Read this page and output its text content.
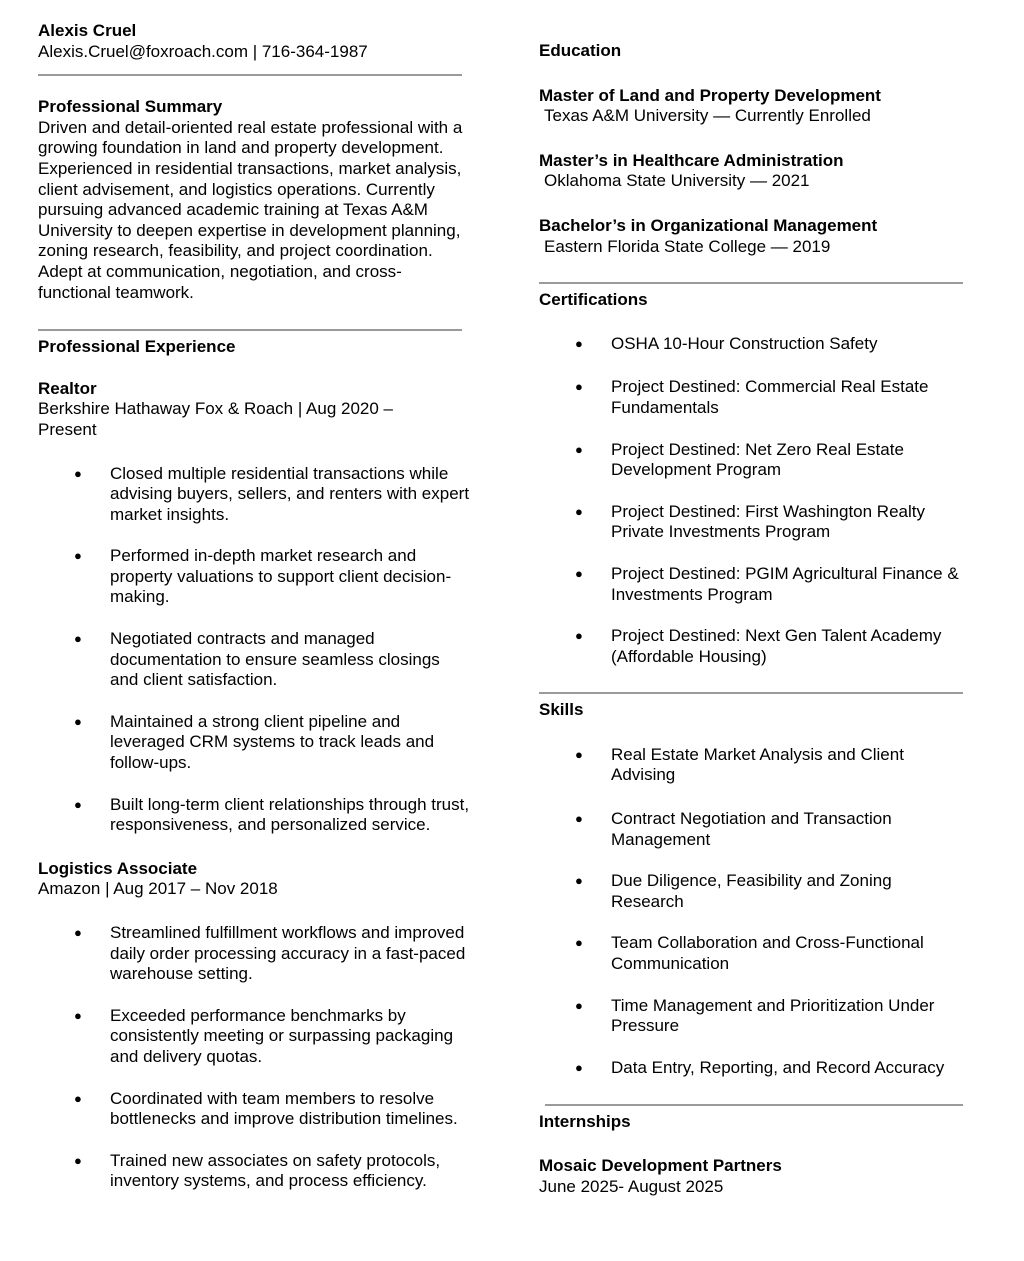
Alexis Cruel
Alexis.Cruel@foxroach.com | 716-364-1987
Professional Summary
Driven and detail-oriented real estate professional with a growing foundation in land and property development. Experienced in residential transactions, market analysis, client advisement, and logistics operations. Currently pursuing advanced academic training at Texas A&M University to deepen expertise in development planning, zoning research, feasibility, and project coordination. Adept at communication, negotiation, and cross-functional teamwork.
Professional Experience
Realtor
Berkshire Hathaway Fox & Roach | Aug 2020 – Present
● Closed multiple residential transactions while advising buyers, sellers, and renters with expert market insights.
● Performed in-depth market research and property valuations to support client decision-making.
● Negotiated contracts and managed documentation to ensure seamless closings and client satisfaction.
● Maintained a strong client pipeline and leveraged CRM systems to track leads and follow-ups.
● Built long-term client relationships through trust, responsiveness, and personalized service.
Logistics Associate
Amazon | Aug 2017 – Nov 2018
● Streamlined fulfillment workflows and improved daily order processing accuracy in a fast-paced warehouse setting.
● Exceeded performance benchmarks by consistently meeting or surpassing packaging and delivery quotas.
● Coordinated with team members to resolve bottlenecks and improve distribution timelines.
● Trained new associates on safety protocols, inventory systems, and process efficiency.
Education
Master of Land and Property Development
Texas A&M University — Currently Enrolled
Master’s in Healthcare Administration
Oklahoma State University — 2021
Bachelor’s in Organizational Management
Eastern Florida State College — 2019
Certifications
● OSHA 10-Hour Construction Safety
● Project Destined: Commercial Real Estate Fundamentals
● Project Destined: Net Zero Real Estate Development Program
● Project Destined: First Washington Realty Private Investments Program
● Project Destined: PGIM Agricultural Finance & Investments Program
● Project Destined: Next Gen Talent Academy (Affordable Housing)
Skills
● Real Estate Market Analysis and Client Advising
● Contract Negotiation and Transaction Management
● Due Diligence, Feasibility and Zoning Research
● Team Collaboration and Cross-Functional Communication
● Time Management and Prioritization Under Pressure
● Data Entry, Reporting, and Record Accuracy
Internships
Mosaic Development Partners
June 2025- August 2025
